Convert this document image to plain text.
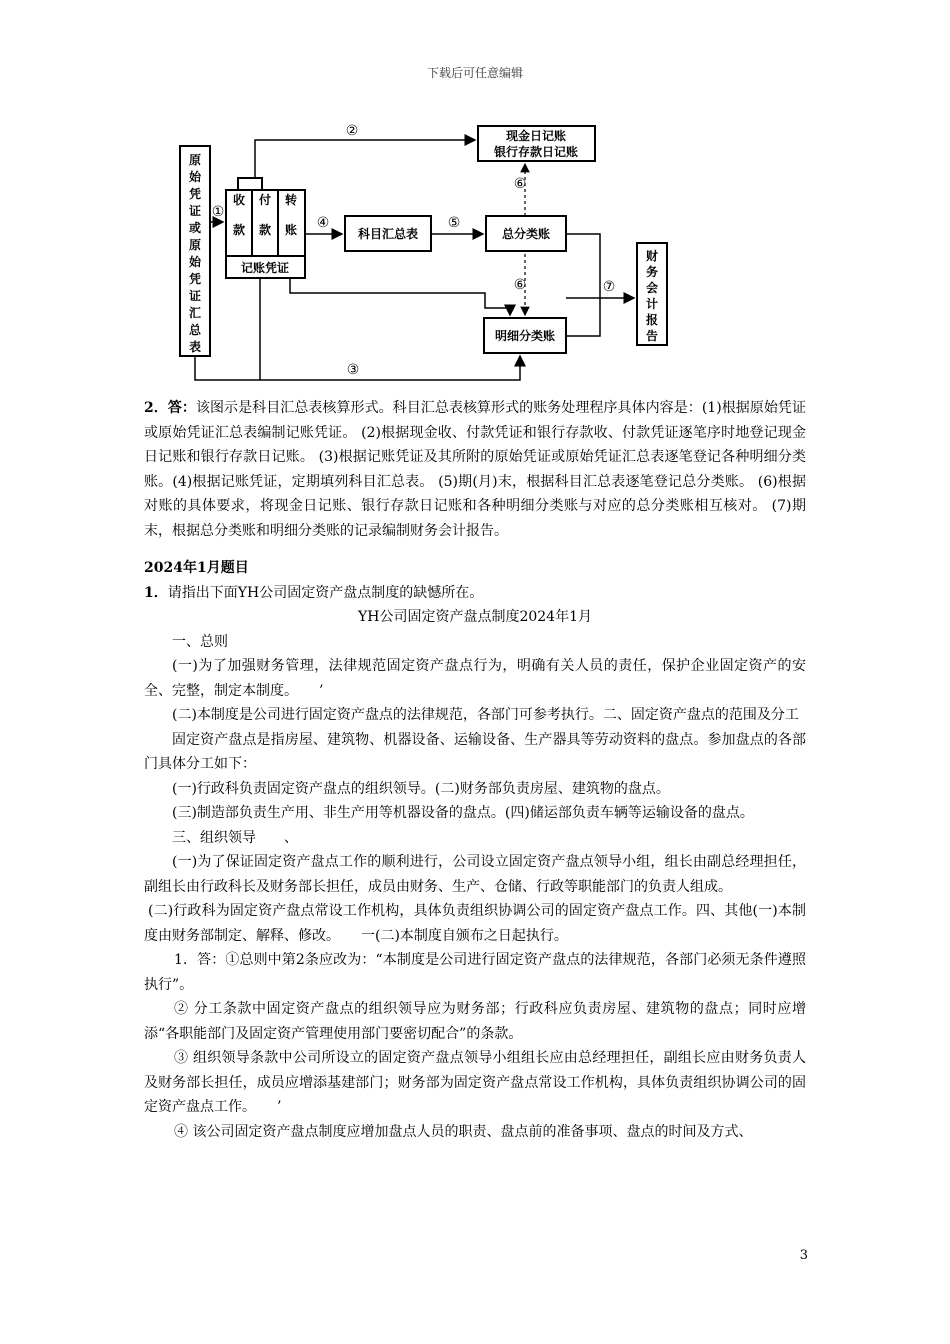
下载后可任意编辑
原
始
凭
证
或
原
始
凭
证
汇
总
表
收
款
付
款
转
账
记账凭证
现金日记账
银行存款日记账
科目汇总表	总分类账
明细分类账
财
务
会
计
报
告
①
②
③
④	⑤
⑥
⑥	⑦

2．答：该图示是科目汇总表核算形式。科目汇总表核算形式的账务处理程序具体内容是：(1)根据原始凭证或原始凭证汇总表编制记账凭证。 (2)根据现金收、付款凭证和银行存款收、付款凭证逐笔序时地登记现金日记账和银行存款日记账。 (3)根据记账凭证及其所附的原始凭证或原始凭证汇总表逐笔登记各种明细分类账。(4)根据记账凭证，定期填列科目汇总表。 (5)期(月)末，根据科目汇总表逐笔登记总分类账。 (6)根据对账的具体要求，将现金日记账、银行存款日记账和各种明细分类账与对应的总分类账相互核对。 (7)期末，根据总分类账和明细分类账的记录编制财务会计报告。

2024年1月题目

1．请指出下面YH公司固定资产盘点制度的缺憾所在。

YH公司固定资产盘点制度2024年1月

一、总则

(一)为了加强财务管理，法律规范固定资产盘点行为，明确有关人员的责任，保护企业固定资产的安全、完整，制定本制度。　　’

(二)本制度是公司进行固定资产盘点的法律规范，各部门可参考执行。二、固定资产盘点的范围及分工

固定资产盘点是指房屋、建筑物、机器设备、运输设备、生产器具等劳动资料的盘点。参加盘点的各部门具体分工如下：

(一)行政科负责固定资产盘点的组织领导。(二)财务部负责房屋、建筑物的盘点。

(三)制造部负责生产用、非生产用等机器设备的盘点。(四)储运部负责车辆等运输设备的盘点。

三、组织领导　　、

(一)为了保证固定资产盘点工作的顺利进行，公司设立固定资产盘点领导小组，组长由副总经理担任，副组长由行政科长及财务部长担任，成员由财务、生产、仓储、行政等职能部门的负责人组成。

(二)行政科为固定资产盘点常设工作机构，具体负责组织协调公司的固定资产盘点工作。四、其他(一)本制度由财务部制定、解释、修改。　　一(二)本制度自颁布之日起执行。

1．答：①总则中第2条应改为：“本制度是公司进行固定资产盘点的法律规范，各部门必须无条件遵照执行”。

② 分工条款中固定资产盘点的组织领导应为财务部；行政科应负责房屋、建筑物的盘点；同时应增添“各职能部门及固定资产管理使用部门要密切配合”的条款。

③ 组织领导条款中公司所设立的固定资产盘点领导小组组长应由总经理担任，副组长应由财务负责人及财务部长担任，成员应增添基建部门；财务部为固定资产盘点常设工作机构，具体负责组织协调公司的固定资产盘点工作。　　’

④ 该公司固定资产盘点制度应增加盘点人员的职责、盘点前的准备事项、盘点的时间及方式、

3
